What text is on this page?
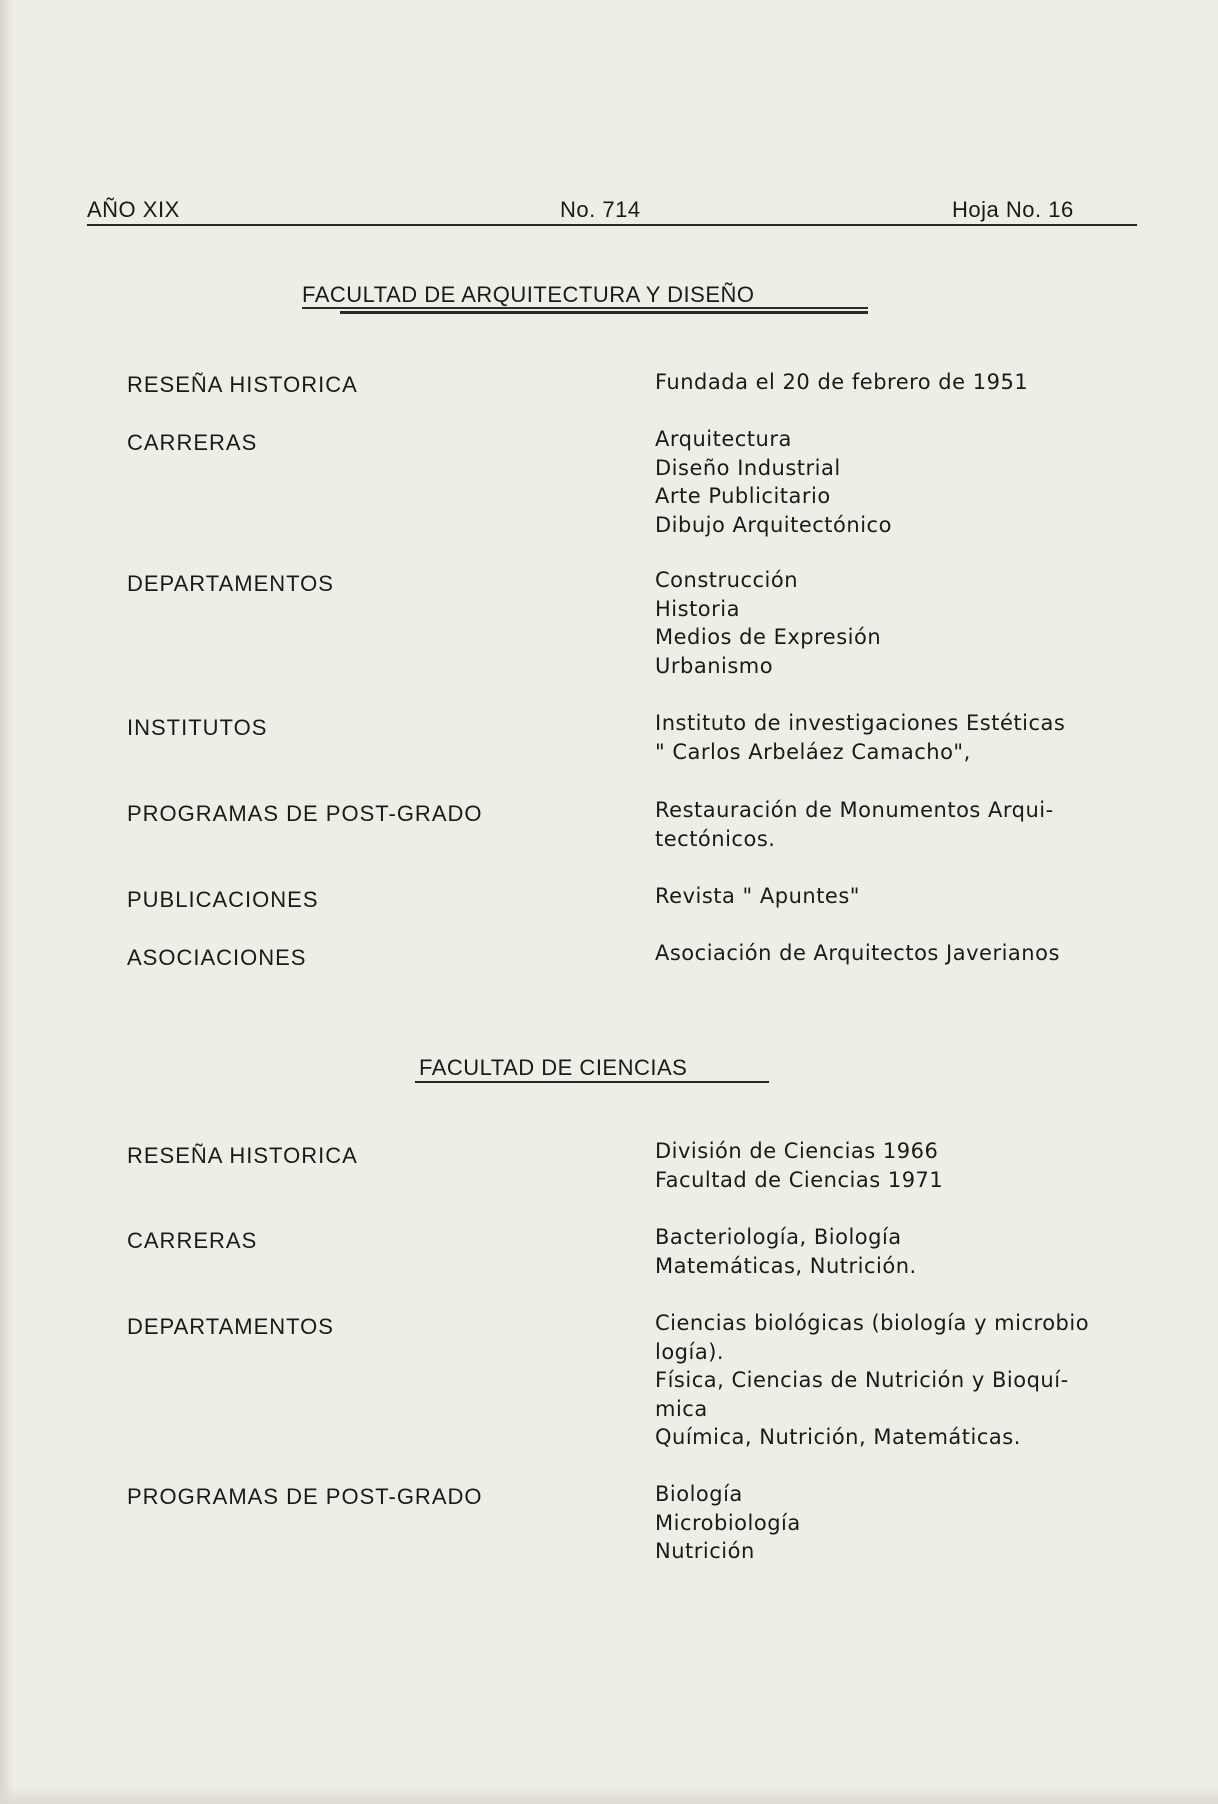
AÑO XIX	No. 714	Hoja No. 16
FACULTAD DE ARQUITECTURA Y DISEÑO
RESEÑA HISTORICA	Fundada el 20 de febrero de 1951
CARRERAS	Arquitectura
Diseño Industrial
Arte Publicitario
Dibujo Arquitectónico
DEPARTAMENTOS	Construcción
Historia
Medios de Expresión
Urbanismo
INSTITUTOS	Instituto de investigaciones Estéticas
" Carlos Arbeláez Camacho",
PROGRAMAS DE POST-GRADO	Restauración de Monumentos Arqui-
tectónicos.
PUBLICACIONES	Revista " Apuntes"
ASOCIACIONES	Asociación de Arquitectos Javerianos
FACULTAD DE CIENCIAS
RESEÑA HISTORICA	División de Ciencias 1966
Facultad de Ciencias 1971
CARRERAS	Bacteriología, Biología
Matemáticas, Nutrición.
DEPARTAMENTOS	Ciencias biológicas (biología y microbio
logía).
Física, Ciencias de Nutrición y Bioquí-
mica
Química, Nutrición, Matemáticas.
PROGRAMAS DE POST-GRADO	Biología
Microbiología
Nutrición
